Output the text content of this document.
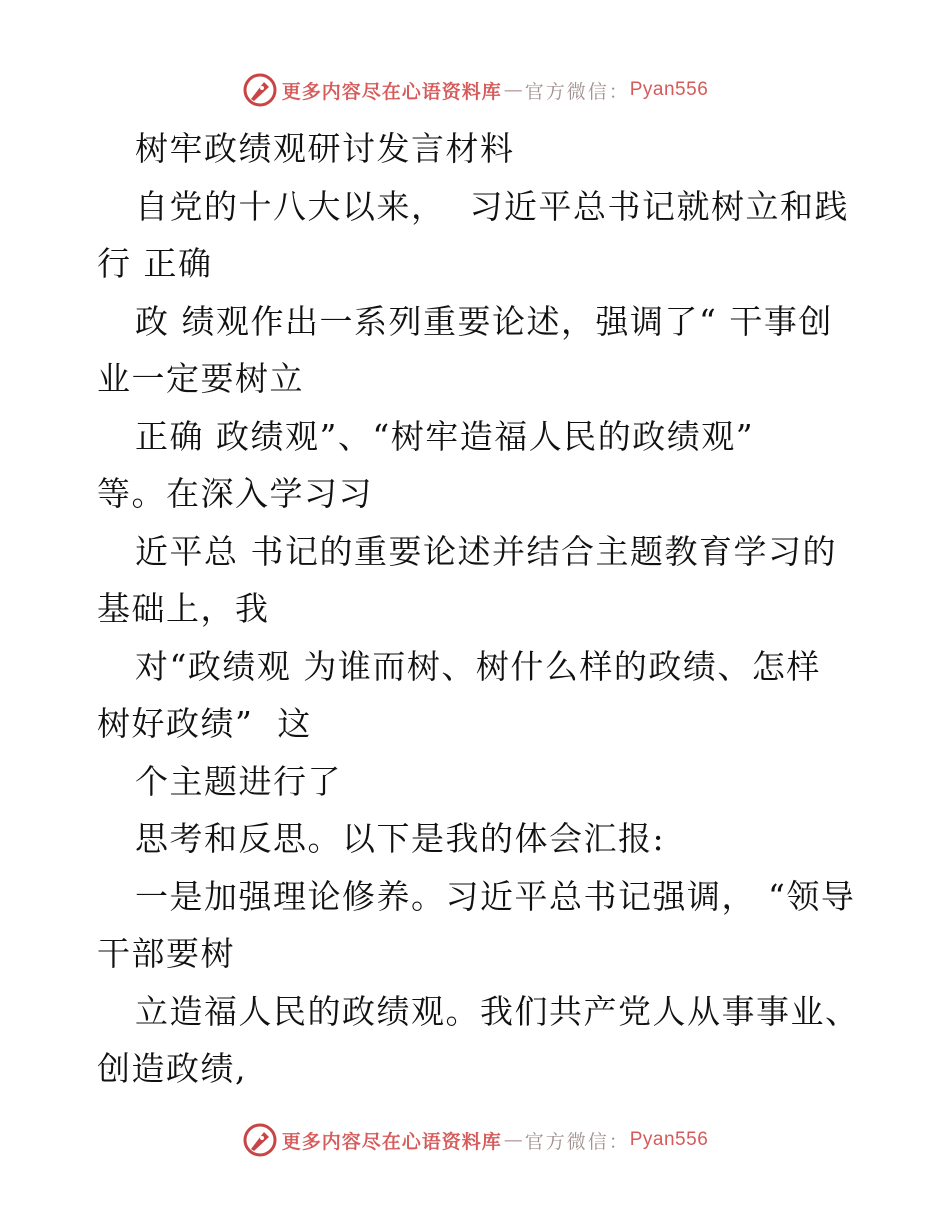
更多内容尽在心语资料库 — 官方微信： Pyan556
树牢政绩观研讨发言材料
自党的十八大以来，  习近平总书记就树立和践
行 正确
政 绩观作出一系列重要论述，强调了“ 干事创
业一定要树立
正确 政绩观”、“树牢造福人民的政绩观”
等。在深入学习习
近平总 书记的重要论述并结合主题教育学习的
基础上，我
对“政绩观 为谁而树、树什么样的政绩、怎样
树好政绩”  这
个主题进行了
思考和反思。以下是我的体会汇报:
一是加强理论修养。习近平总书记强调， “领导
干部要树
立造福人民的政绩观。我们共产党人从事事业、
创造政绩,
更多内容尽在心语资料库 — 官方微信： Pyan556
